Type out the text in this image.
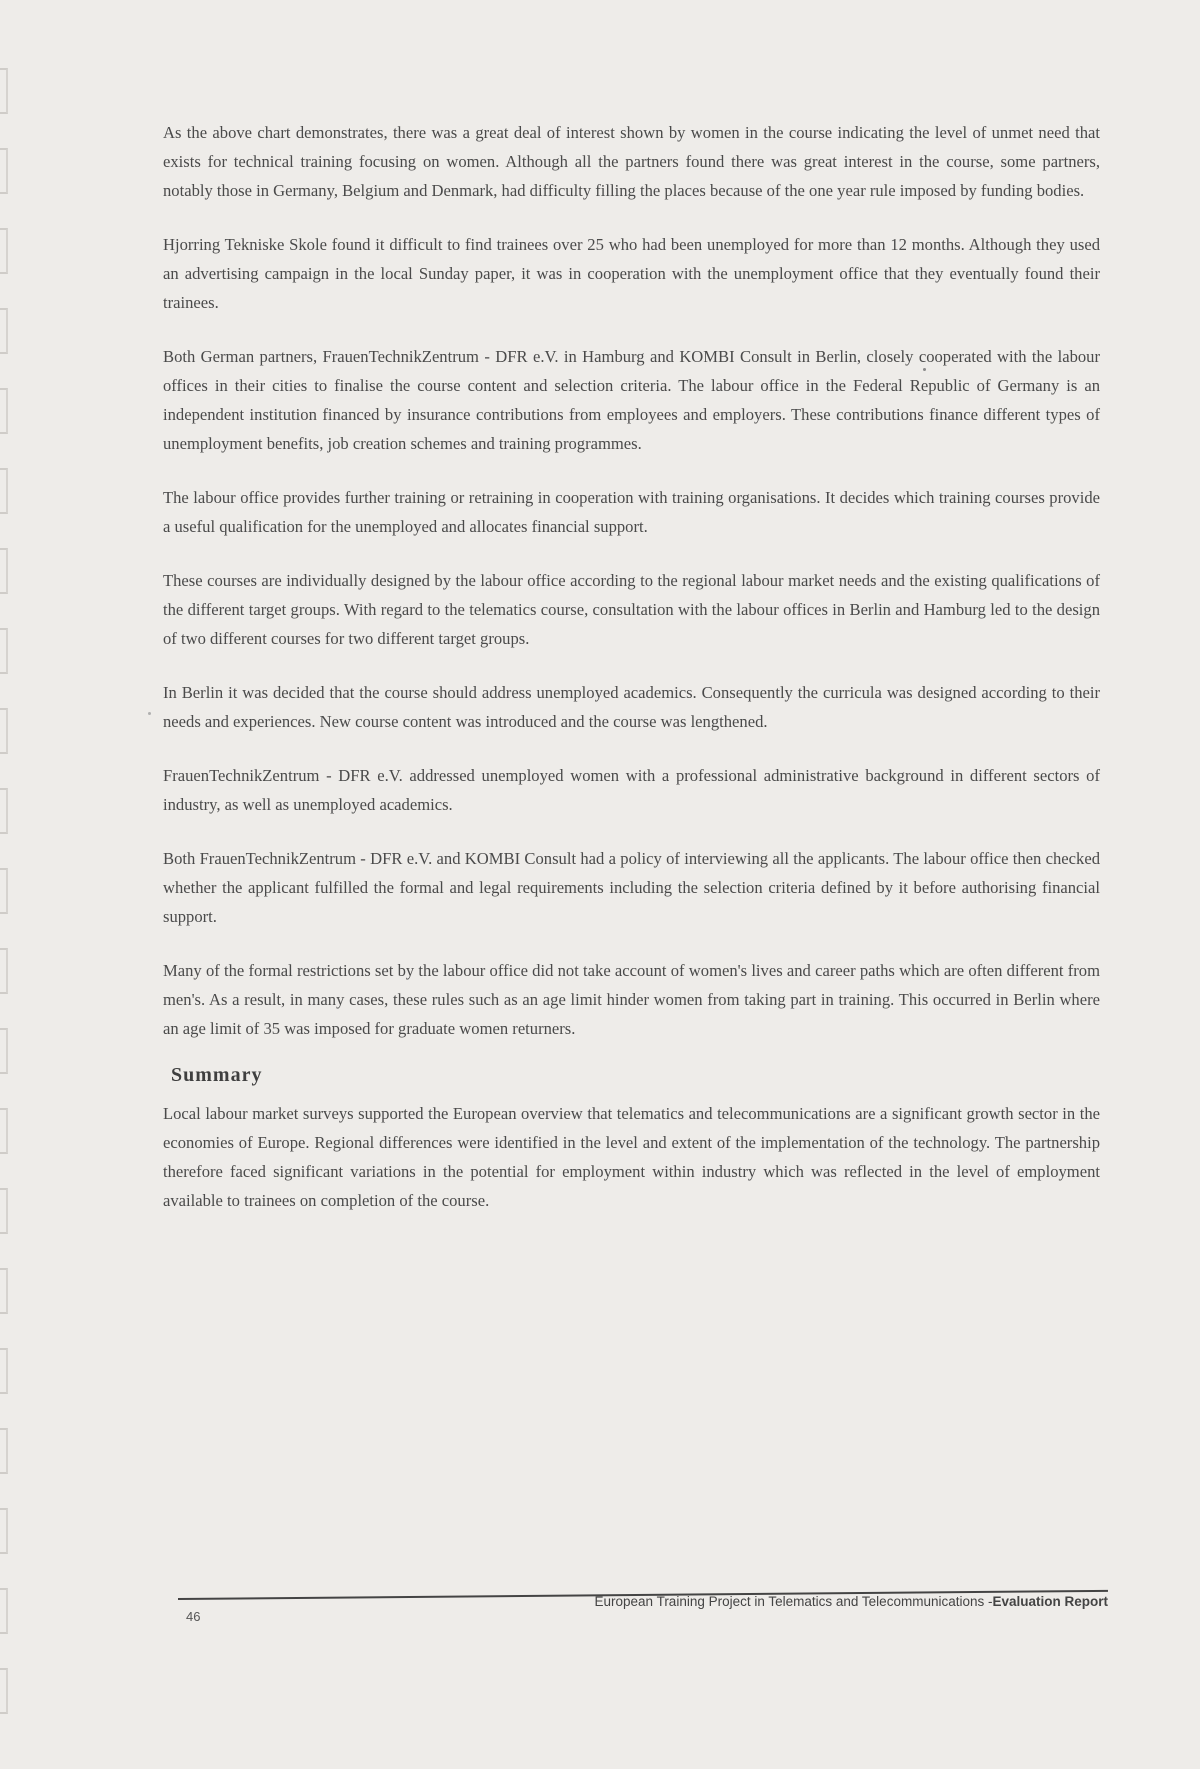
As the above chart demonstrates, there was a great deal of interest shown by women in the course indicating the level of unmet need that exists for technical training focusing on women. Although all the partners found there was great interest in the course, some partners, notably those in Germany, Belgium and Denmark, had difficulty filling the places because of the one year rule imposed by funding bodies.

Hjorring Tekniske Skole found it difficult to find trainees over 25 who had been unemployed for more than 12 months. Although they used an advertising campaign in the local Sunday paper, it was in cooperation with the unemployment office that they eventually found their trainees.

Both German partners, FrauenTechnikZentrum - DFR e.V. in Hamburg and KOMBI Consult in Berlin, closely cooperated with the labour offices in their cities to finalise the course content and selection criteria. The labour office in the Federal Republic of Germany is an independent institution financed by insurance contributions from employees and employers. These contributions finance different types of unemployment benefits, job creation schemes and training programmes.

The labour office provides further training or retraining in cooperation with training organisations. It decides which training courses provide a useful qualification for the unemployed and allocates financial support.

These courses are individually designed by the labour office according to the regional labour market needs and the existing qualifications of the different target groups. With regard to the telematics course, consultation with the labour offices in Berlin and Hamburg led to the design of two different courses for two different target groups.

In Berlin it was decided that the course should address unemployed academics. Consequently the curricula was designed according to their needs and experiences. New course content was introduced and the course was lengthened.

FrauenTechnikZentrum - DFR e.V. addressed unemployed women with a professional administrative background in different sectors of industry, as well as unemployed academics.

Both FrauenTechnikZentrum - DFR e.V. and KOMBI Consult had a policy of interviewing all the applicants. The labour office then checked whether the applicant fulfilled the formal and legal requirements including the selection criteria defined by it before authorising financial support.

Many of the formal restrictions set by the labour office did not take account of women's lives and career paths which are often different from men's. As a result, in many cases, these rules such as an age limit hinder women from taking part in training. This occurred in Berlin where an age limit of 35 was imposed for graduate women returners.

Summary

Local labour market surveys supported the European overview that telematics and telecommunications are a significant growth sector in the economies of Europe. Regional differences were identified in the level and extent of the implementation of the technology. The partnership therefore faced significant variations in the potential for employment within industry which was reflected in the level of employment available to trainees on completion of the course.

46
European Training Project in Telematics and Telecommunications -Evaluation Report
